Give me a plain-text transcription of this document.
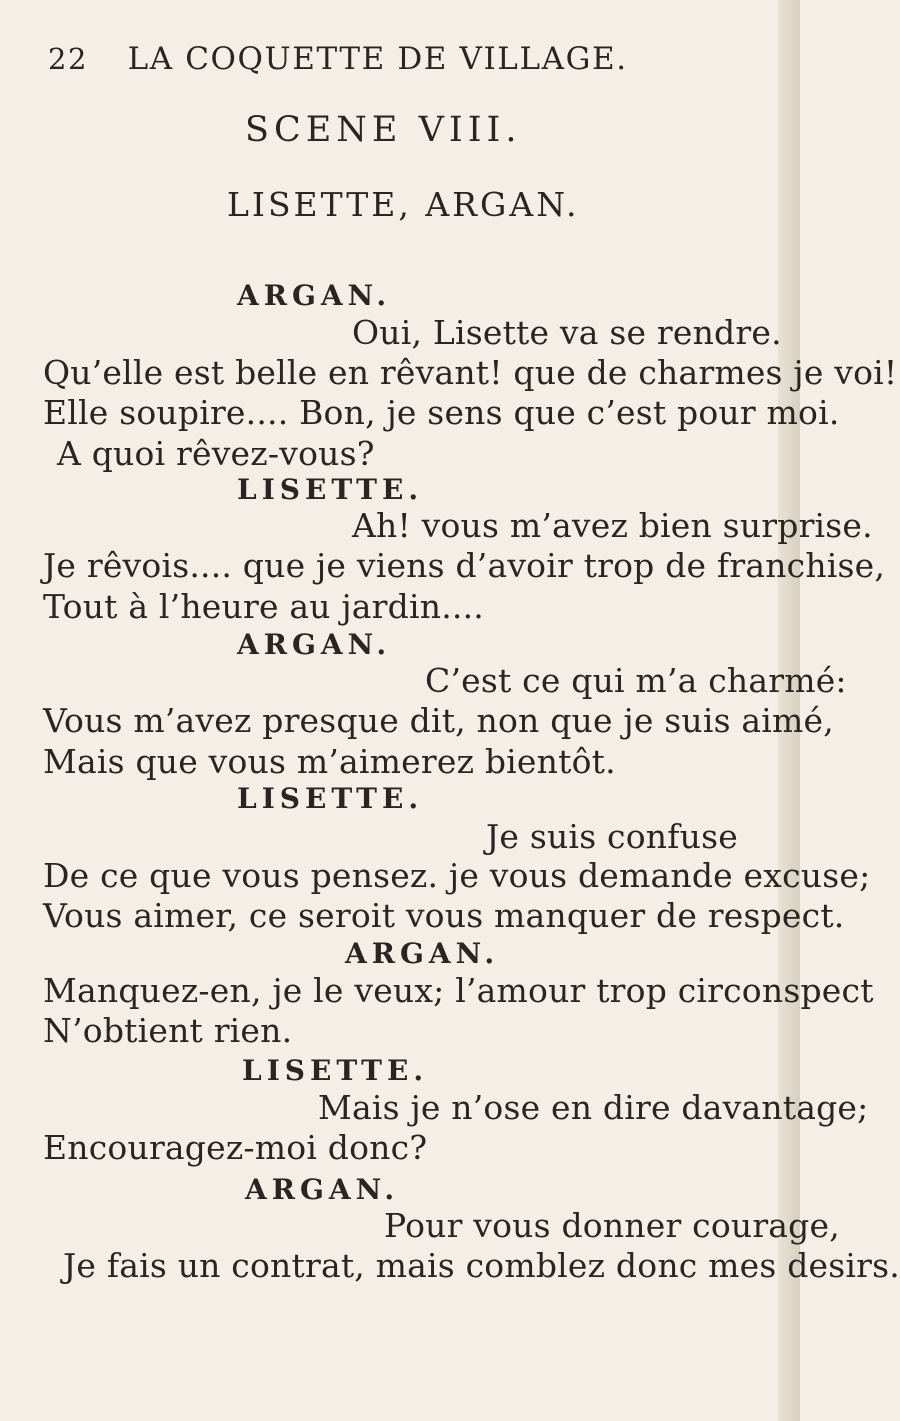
22 LA COQUETTE DE VILLAGE.
SCENE VIII.
LISETTE, ARGAN.
ARGAN.
Oui, Lisette va se rendre.
Qu’elle est belle en rêvant! que de charmes je voi!
Elle soupire.... Bon, je sens que c’est pour moi.
A quoi rêvez-vous?
LISETTE.
Ah! vous m’avez bien surprise.
Je rêvois.... que je viens d’avoir trop de franchise,
Tout à l’heure au jardin....
ARGAN.
C’est ce qui m’a charmé:
Vous m’avez presque dit, non que je suis aimé,
Mais que vous m’aimerez bientôt.
LISETTE.
Je suis confuse
De ce que vous pensez. je vous demande excuse;
Vous aimer, ce seroit vous manquer de respect.
ARGAN.
Manquez-en, je le veux; l’amour trop circonspect
N’obtient rien.
LISETTE.
Mais je n’ose en dire davantage;
Encouragez-moi donc?
ARGAN.
Pour vous donner courage,
Je fais un contrat, mais comblez donc mes desirs.
